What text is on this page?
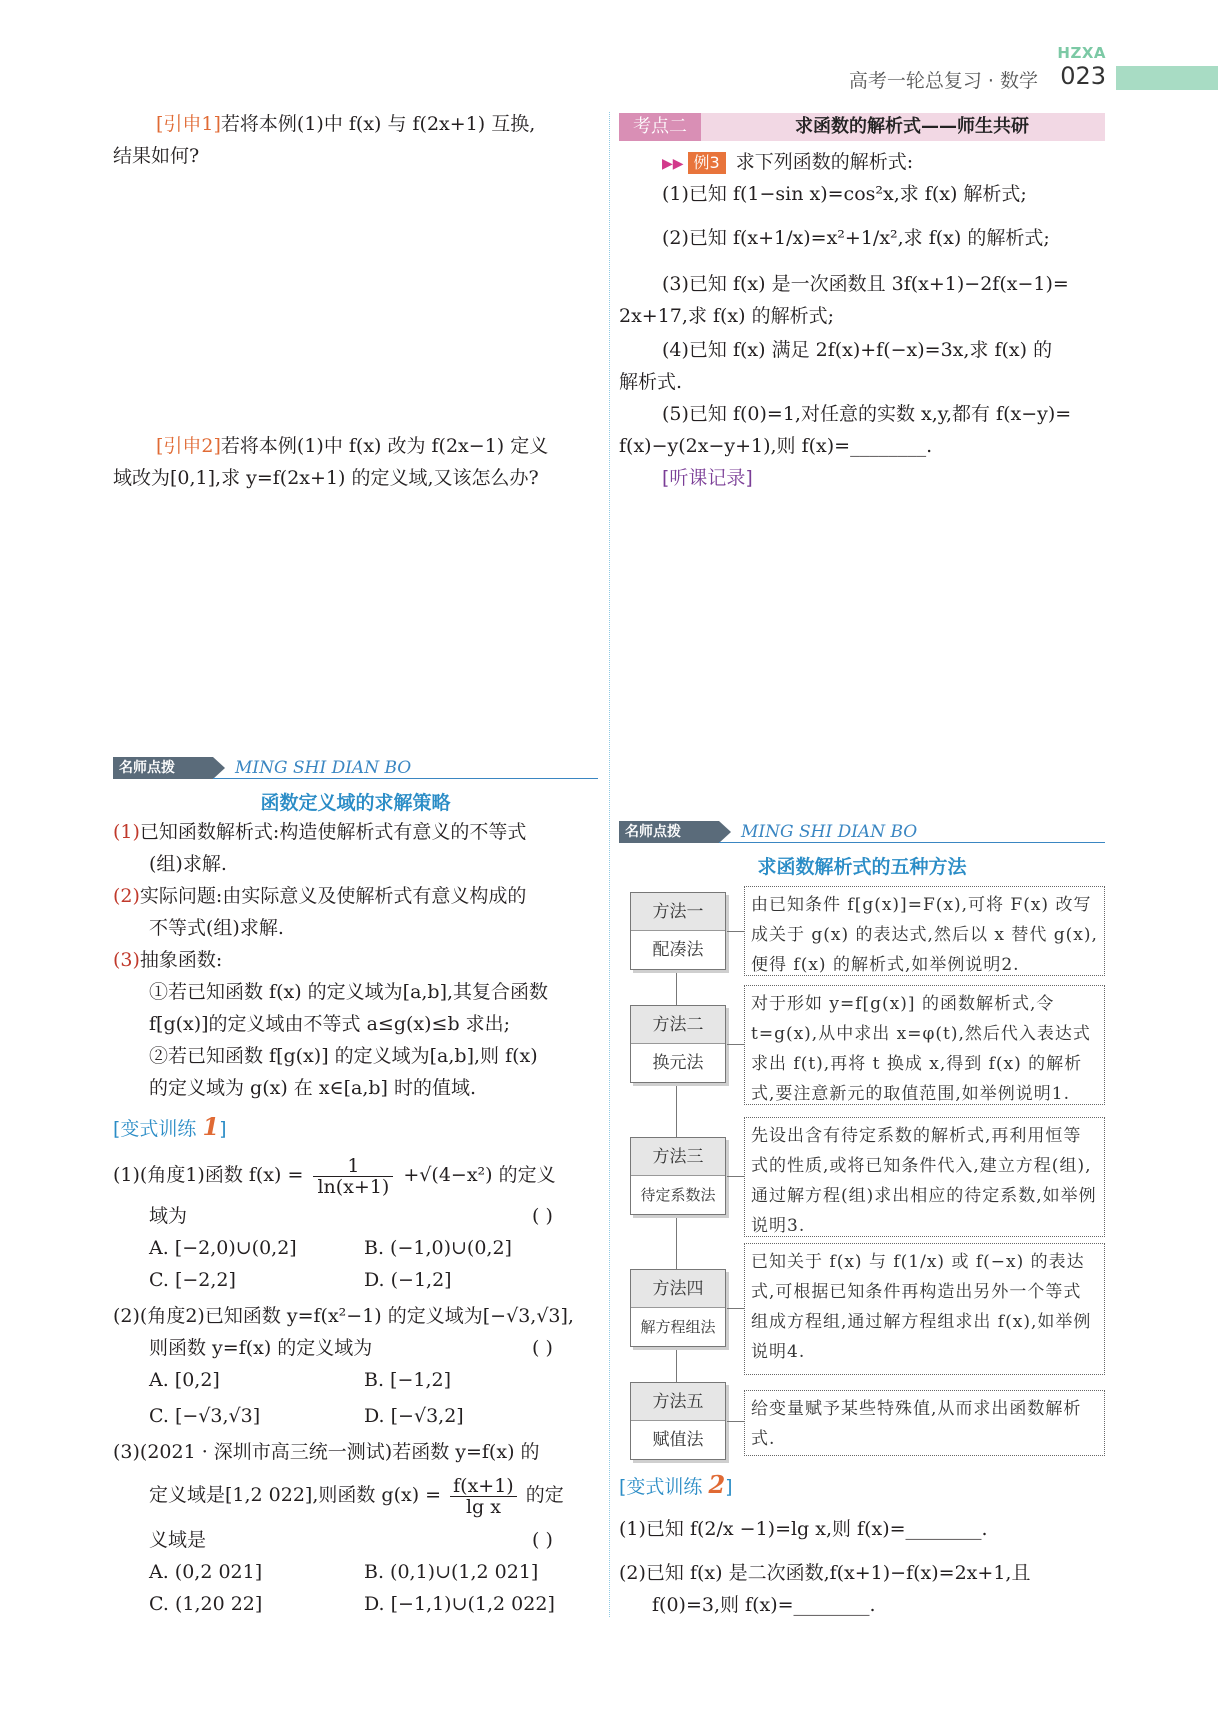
HZXA
高考一轮总复习 · 数学 023
[引申1]若将本例(1)中 f(x) 与 f(2x+1) 互换,
结果如何?
[引申2]若将本例(1)中 f(x) 改为 f(2x−1) 定义
域改为[0,1],求 y=f(2x+1) 的定义域,又该怎么办?
名师点拨	MING SHI DIAN BO
函数定义域的求解策略
(1)已知函数解析式:构造使解析式有意义的不等式
(组)求解.
(2)实际问题:由实际意义及使解析式有意义构成的
不等式(组)求解.
(3)抽象函数:
①若已知函数 f(x) 的定义域为[a,b],其复合函数
f[g(x)]的定义域由不等式 a≤g(x)≤b 求出;
②若已知函数 f[g(x)] 的定义域为[a,b],则 f(x)
的定义域为 g(x) 在 x∈[a,b] 时的值域.
[变式训练 1]
(1)(角度1)函数 $f(x) = \frac{1}{\ln(x+1)} +√(4-x^2)$ 的定义
域为	( )
A. [−2,0)∪(0,2]	B. (−1,0)∪(0,2]
C. [−2,2]	D. (−1,2]
(2)(角度2)已知函数 y=f(x²−1) 的定义域为[−√3,√3],
则函数 y=f(x) 的定义域为	( )
A. [0,2]	B. [−1,2]
C. [−√3,√3]	D. [−√3,2]
(3)(2021 · 深圳市高三统一测试)若函数 y=f(x) 的
定义域是[1,2 022],则函数 $g(x) = \frac{f(x+1)}{\text{lg x}}$ 的定
义域是	( )
A. (0,2 021]	B. (0,1)∪(1,2 021]
C. (1,20 22]	D. [−1,1)∪(1,2 022]
考点二	求函数的解析式——师生共研
▶▶ 例3 求下列函数的解析式:
(1)已知 f(1−sin x)=cos²x,求 f(x) 解析式;
(2)已知 f(x+1/x)=x²+1/x²,求 f(x) 的解析式;
(3)已知 f(x) 是一次函数且 3f(x+1)−2f(x−1)=
2x+17,求 f(x) 的解析式;
(4)已知 f(x) 满足 2f(x)+f(−x)=3x,求 f(x) 的
解析式.
(5)已知 f(0)=1,对任意的实数 x,y,都有 f(x−y)=
f(x)−y(2x−y+1),则 f(x)=________.
[听课记录]
名师点拨	MING SHI DIAN BO
求函数解析式的五种方法
方法一
配凑法
由已知条件 f[g(x)]=F(x),可将 F(x) 改写成关于 g(x) 的表达式,然后以 x 替代 g(x),便得 f(x) 的解析式,如举例说明2.
方法二
换元法
对于形如 y=f[g(x)] 的函数解析式,令 t=g(x),从中求出 x=φ(t),然后代入表达式求出 f(t),再将 t 换成 x,得到 f(x) 的解析式,要注意新元的取值范围,如举例说明1.
方法三
待定系数法
先设出含有待定系数的解析式,再利用恒等式的性质,或将已知条件代入,建立方程(组),通过解方程(组)求出相应的待定系数,如举例说明3.
方法四
解方程组法
已知关于 f(x) 与 f(1/x) 或 f(−x) 的表达式,可根据已知条件再构造出另外一个等式组成方程组,通过解方程组求出 f(x),如举例说明4.
方法五
赋值法
给变量赋予某些特殊值,从而求出函数解析式.
[变式训练 2]
(1)已知 f(2/x −1)=lg x,则 f(x)=________.
(2)已知 f(x) 是二次函数,f(x+1)−f(x)=2x+1,且
f(0)=3,则 f(x)=________.
